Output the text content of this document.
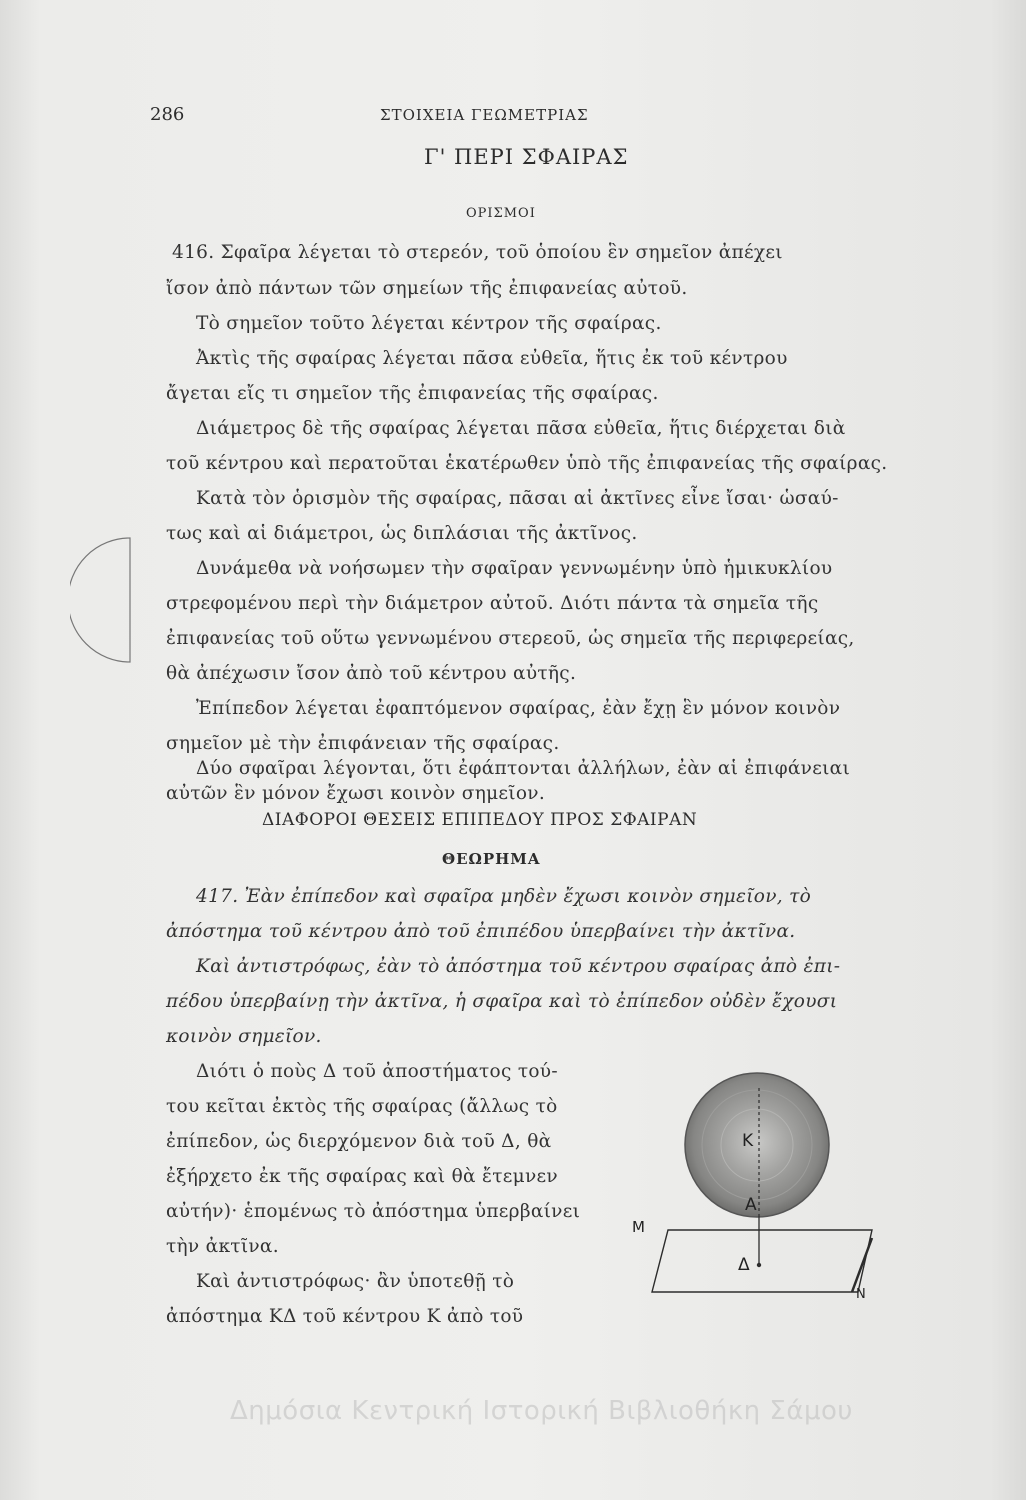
286	ΣΤΟΙΧΕΙΑ ΓΕΩΜΕΤΡΙΑΣ
Γ' ΠΕΡΙ ΣΦΑΙΡΑΣ
ΟΡΙΣΜΟΙ
416. Σφαῖρα λέγεται τὸ στερεόν, τοῦ ὁποίου ἓν σημεῖον ἀπέχει
ἴσον ἀπὸ πάντων τῶν σημείων τῆς ἐπιφανείας αὐτοῦ.
Τὸ σημεῖον τοῦτο λέγεται κέντρον τῆς σφαίρας.
Ἀκτὶς τῆς σφαίρας λέγεται πᾶσα εὐθεῖα, ἥτις ἐκ τοῦ κέντρου
ἄγεται εἴς τι σημεῖον τῆς ἐπιφανείας τῆς σφαίρας.
Διάμετρος δὲ τῆς σφαίρας λέγεται πᾶσα εὐθεῖα, ἥτις διέρχεται διὰ
τοῦ κέντρου καὶ περατοῦται ἑκατέρωθεν ὑπὸ τῆς ἐπιφανείας τῆς σφαίρας.
Κατὰ τὸν ὁρισμὸν τῆς σφαίρας, πᾶσαι αἱ ἀκτῖνες εἶνε ἴσαι· ὡσαύ-
τως καὶ αἱ διάμετροι, ὡς διπλάσιαι τῆς ἀκτῖνος.
Δυνάμεθα νὰ νοήσωμεν τὴν σφαῖραν γεννωμένην ὑπὸ ἡμικυκλίου
στρεφομένου περὶ τὴν διάμετρον αὐτοῦ. Διότι πάντα τὰ σημεῖα τῆς
ἐπιφανείας τοῦ οὕτω γεννωμένου στερεοῦ, ὡς σημεῖα τῆς περιφερείας,
θὰ ἀπέχωσιν ἴσον ἀπὸ τοῦ κέντρου αὐτῆς.
Ἐπίπεδον λέγεται ἐφαπτόμενον σφαίρας, ἐὰν ἔχῃ ἓν μόνον κοινὸν
σημεῖον μὲ τὴν ἐπιφάνειαν τῆς σφαίρας.
Δύο σφαῖραι λέγονται, ὅτι ἐφάπτονται ἀλλήλων, ἐὰν αἱ ἐπιφάνειαι
αὐτῶν ἓν μόνον ἔχωσι κοινὸν σημεῖον.
ΔΙΑΦΟΡΟΙ ΘΕΣΕΙΣ ΕΠΙΠΕΔΟΥ ΠΡΟΣ ΣΦΑΙΡΑΝ
ΘΕΩΡΗΜΑ
417. Ἐὰν ἐπίπεδον καὶ σφαῖρα μηδὲν ἔχωσι κοινὸν σημεῖον, τὸ
ἀπόστημα τοῦ κέντρου ἀπὸ τοῦ ἐπιπέδου ὑπερβαίνει τὴν ἀκτῖνα.
Καὶ ἀντιστρόφως, ἐὰν τὸ ἀπόστημα τοῦ κέντρου σφαίρας ἀπὸ ἐπι-
πέδου ὑπερβαίνῃ τὴν ἀκτῖνα, ἡ σφαῖρα καὶ τὸ ἐπίπεδον οὐδὲν ἔχουσι
κοινὸν σημεῖον.
Διότι ὁ ποὺς Δ τοῦ ἀποστήματος τού-
του κεῖται ἐκτὸς τῆς σφαίρας (ἄλλως τὸ
ἐπίπεδον, ὡς διερχόμενον διὰ τοῦ Δ, θὰ
ἐξήρχετο ἐκ τῆς σφαίρας καὶ θὰ ἔτεμνεν
αὐτήν)· ἑπομένως τὸ ἀπόστημα ὑπερβαίνει
τὴν ἀκτῖνα.
Καὶ ἀντιστρόφως· ἂν ὑποτεθῇ τὸ
ἀπόστημα ΚΔ τοῦ κέντρου Κ ἀπὸ τοῦ
K
A
Δ
M
N
Δημόσια Κεντρική Ιστορική Βιβλιοθήκη Σάμου
